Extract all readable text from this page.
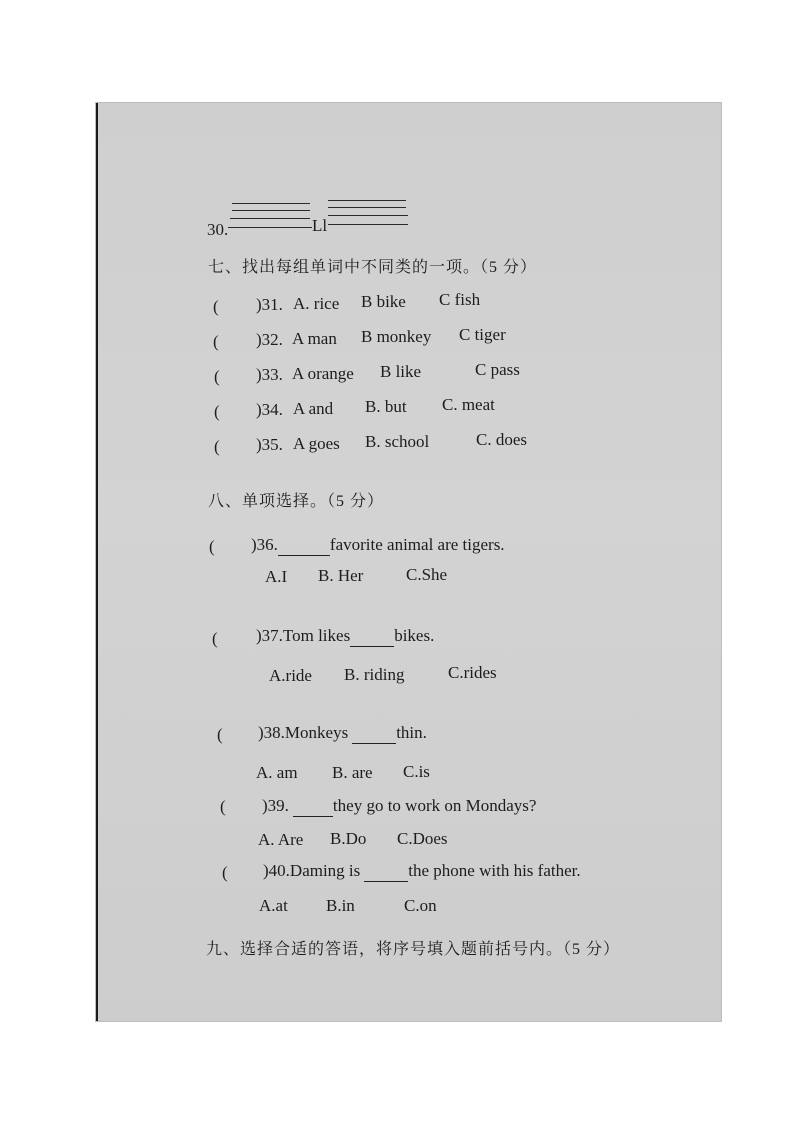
30.	Ll
七、找出每组单词中不同类的一项。（5 分）
( )31. A. rice B bike C fish
( )32. A man B monkey C tiger
( )33. A orange B like	C pass
( )34. A and B. but C. meat
( )35. A goes B. school	C. does
八、单项选择。（5 分）
( )36.	favorite animal are tigers.
A.I B. Her	C.She
( )37.Tom likes	bikes.
A.ride B. riding	C.rides
( )38.Monkeys	thin.
A. am B. are C.is
( )39.	they go to work on Mondays?
A. Are B.Do C.Does
( )40.Daming is	the phone with his father.
A.at B.in	C.on
九、选择合适的答语，将序号填入题前括号内。（5 分）
